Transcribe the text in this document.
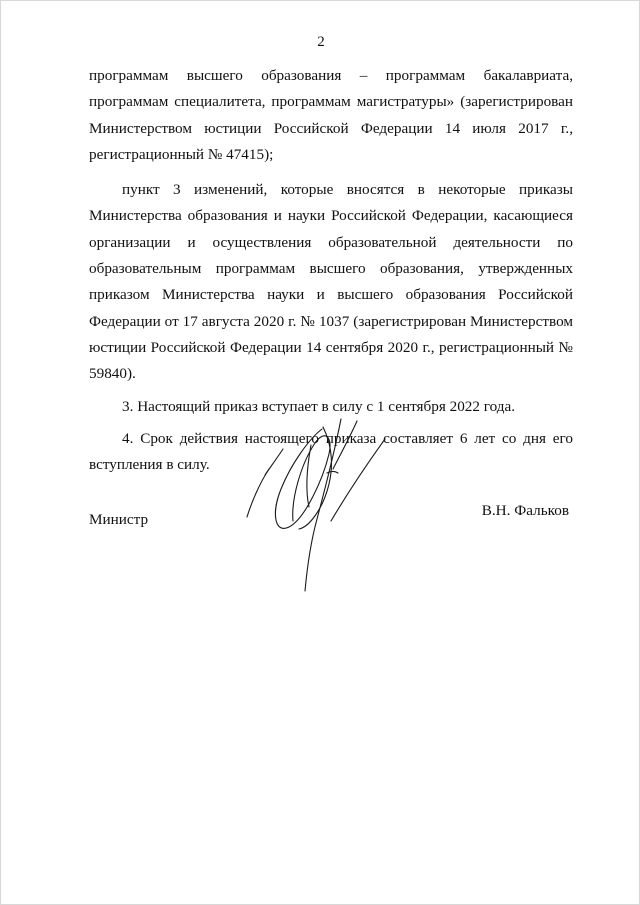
2

программам высшего образования – программам бакалавриата, программам специалитета, программам магистратуры» (зарегистрирован Министерством юстиции Российской Федерации 14 июля 2017 г., регистрационный № 47415);

пункт 3 изменений, которые вносятся в некоторые приказы Министерства образования и науки Российской Федерации, касающиеся организации и осуществления образовательной деятельности по образовательным программам высшего образования, утвержденных приказом Министерства науки и высшего образования Российской Федерации от 17 августа 2020 г. № 1037 (зарегистрирован Министерством юстиции Российской Федерации 14 сентября 2020 г., регистрационный № 59840).

3. Настоящий приказ вступает в силу с 1 сентября 2022 года.

4. Срок действия настоящего приказа составляет 6 лет со дня его вступления в силу.

Министр
В.Н. Фальков
